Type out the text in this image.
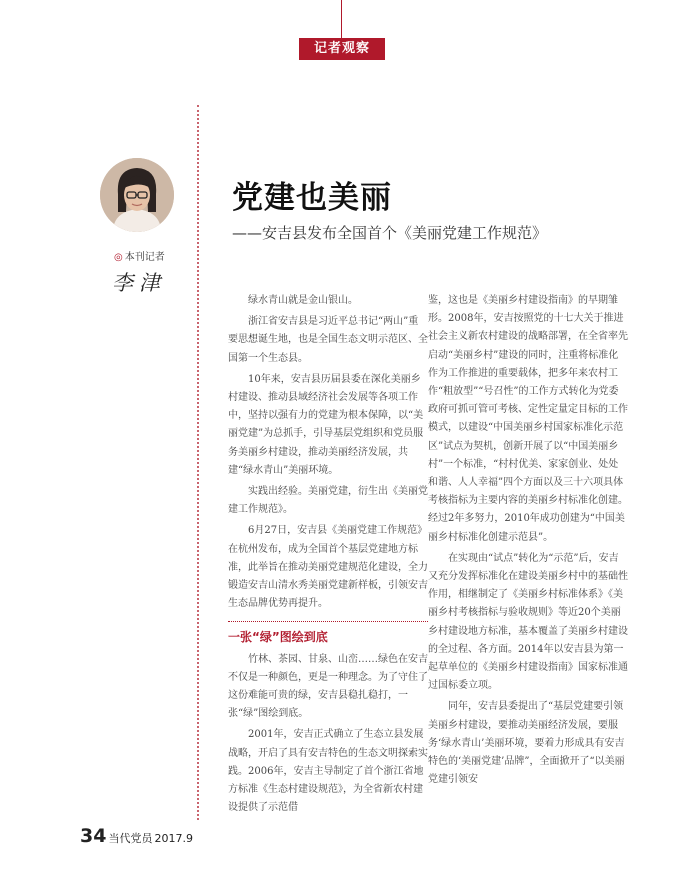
记者观察
◎ 本刊记者
李津
党建也美丽
——安吉县发布全国首个《美丽党建工作规范》

绿水青山就是金山银山。

浙江省安吉县是习近平总书记“两山”重要思想诞生地，也是全国生态文明示范区、全国第一个生态县。

10年来，安吉县历届县委在深化美丽乡村建设、推动县域经济社会发展等各项工作中，坚持以强有力的党建为根本保障，以“美丽党建”为总抓手，引导基层党组织和党员服务美丽乡村建设，推动美丽经济发展，共建“绿水青山”美丽环境。

实践出经验。美丽党建，衍生出《美丽党建工作规范》。

6月27日，安吉县《美丽党建工作规范》在杭州发布，成为全国首个基层党建地方标准，此举旨在推动美丽党建规范化建设，全力锻造安吉山清水秀美丽党建新样板，引领安吉生态品牌优势再提升。

一张“绿”图绘到底

竹林、茶园、甘泉、山峦……绿色在安吉不仅是一种颜色，更是一种理念。为了守住了这份难能可贵的绿，安吉县稳扎稳打，一张“绿”图绘到底。

2001年，安吉正式确立了生态立县发展战略，开启了具有安吉特色的生态文明探索实践。2006年，安吉主导制定了首个浙江省地方标准《生态村建设规范》，为全省新农村建设提供了示范借

鉴，这也是《美丽乡村建设指南》的早期雏形。2008年，安吉按照党的十七大关于推进社会主义新农村建设的战略部署，在全省率先启动“美丽乡村”建设的同时，注重将标准化作为工作推进的重要载体，把多年来农村工作“粗放型”“号召性”的工作方式转化为党委政府可抓可管可考核、定性定量定目标的工作模式，以建设“中国美丽乡村国家标准化示范区”试点为契机，创新开展了以“中国美丽乡村”一个标准，“村村优美、家家创业、处处和谐、人人幸福”四个方面以及三十六项具体考核指标为主要内容的美丽乡村标准化创建。经过2年多努力，2010年成功创建为“中国美丽乡村标准化创建示范县”。

在实现由“试点”转化为“示范”后，安吉又充分发挥标准化在建设美丽乡村中的基础性作用，相继制定了《美丽乡村标准体系》《美丽乡村考核指标与验收规则》等近20个美丽乡村建设地方标准，基本覆盖了美丽乡村建设的全过程、各方面。2014年以安吉县为第一起草单位的《美丽乡村建设指南》国家标准通过国标委立项。

同年，安吉县委提出了“基层党建要引领美丽乡村建设，要推动美丽经济发展，要服务‘绿水青山’美丽环境，要着力形成具有安吉特色的‘美丽党建’品牌”，全面掀开了“以美丽党建引领安

34 当代党员 2017.9
